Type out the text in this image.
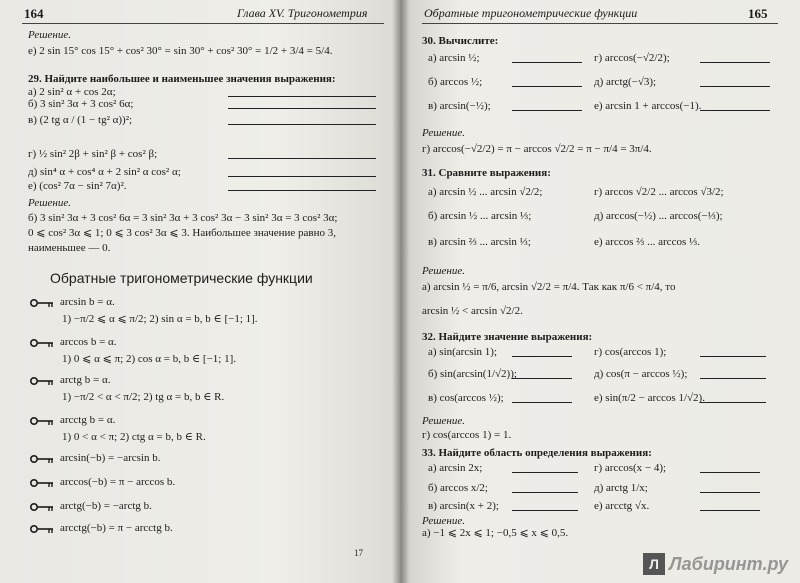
164	Глава XV. Тригонометрия
Решение.
е) 2 sin 15° cos 15° + cos² 30° = sin 30° + cos² 30° = 1/2 + 3/4 = 5/4.
29. Найдите наибольшее и наименьшее значения выражения:
а) 2 sin² α + cos 2α;
б) 3 sin² 3α + 3 cos² 6α;
в) (2 tg α / (1 − tg² α))²;
г) ½ sin² 2β + sin² β + cos² β;
д) sin⁴ α + cos⁴ α + 2 sin² α cos² α;
е) (cos² 7α − sin² 7α)².
Решение.
б) 3 sin² 3α + 3 cos² 6α = 3 sin² 3α + 3 cos² 3α − 3 sin² 3α = 3 cos² 3α;
0 ⩽ cos² 3α ⩽ 1; 0 ⩽ 3 cos² 3α ⩽ 3. Наибольшее значение равно 3,
наименьшее — 0.
Обратные тригонометрические функции
arcsin b = α.
1) −π/2 ⩽ α ⩽ π/2; 2) sin α = b, b ∈ [−1; 1].
arccos b = α.
1) 0 ⩽ α ⩽ π; 2) cos α = b, b ∈ [−1; 1].
arctg b = α.
1) −π/2 < α < π/2; 2) tg α = b, b ∈ R.
arcctg b = α.
1) 0 < α < π; 2) ctg α = b, b ∈ R.
arcsin(−b) = −arcsin b.
arccos(−b) = π − arccos b.
arctg(−b) = −arctg b.
arcctg(−b) = π − arcctg b.
17
Обратные тригонометрические функции	165
30. Вычислите:
а) arcsin ½;	г) arccos(−√2/2);
б) arccos ½;	д) arctg(−√3);
в) arcsin(−½);	е) arcsin 1 + arccos(−1).
Решение.
г) arccos(−√2/2) = π − arccos √2/2 = π − π/4 = 3π/4.
31. Сравните выражения:
а) arcsin ½ ... arcsin √2/2;	г) arccos √2/2 ... arccos √3/2;
б) arcsin ½ ... arcsin ⅓;	д) arccos(−½) ... arccos(−⅓);
в) arcsin ⅔ ... arcsin ⅓;	е) arccos ⅔ ... arccos ⅓.
Решение.
а) arcsin ½ = π/6, arcsin √2/2 = π/4. Так как π/6 < π/4, то
arcsin ½ < arcsin √2/2.
32. Найдите значение выражения:
а) sin(arcsin 1);	г) cos(arccos 1);
б) sin(arcsin(1/√2));	д) cos(π − arccos ½);
в) cos(arccos ½);	е) sin(π/2 − arccos 1/√2).
Решение.
г) cos(arccos 1) = 1.
33. Найдите область определения выражения:
а) arcsin 2x;	г) arccos(x − 4);
б) arccos x/2;	д) arctg 1/x;
в) arcsin(x + 2);	е) arcctg √x.
Решение.
а) −1 ⩽ 2x ⩽ 1; −0,5 ⩽ x ⩽ 0,5.
Л Лабиринт.ру
